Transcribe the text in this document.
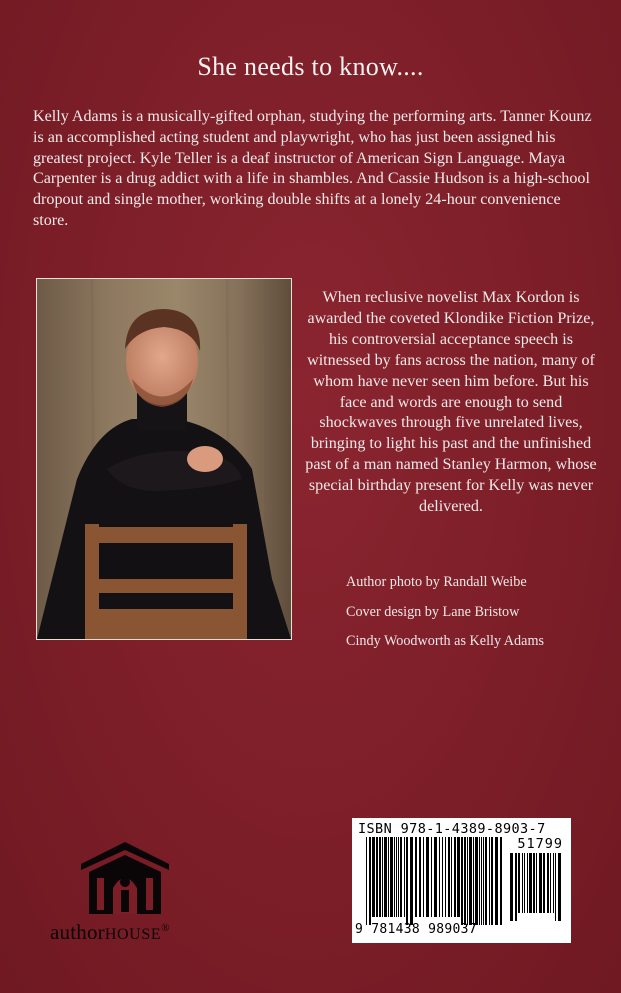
She needs to know....
Kelly Adams is a musically-gifted orphan, studying the performing arts. Tanner Kounz is an accomplished acting student and playwright, who has just been assigned his greatest project. Kyle Teller is a deaf instructor of American Sign Language. Maya Carpenter is a drug addict with a life in shambles. And Cassie Hudson is a high-school dropout and single mother, working double shifts at a lonely 24-hour convenience store.
When reclusive novelist Max Kordon is awarded the coveted Klondike Fiction Prize, his controversial acceptance speech is witnessed by fans across the nation, many of whom have never seen him before. But his face and words are enough to send shockwaves through five unrelated lives, bringing to light his past and the unfinished past of a man named Stanley Harmon, whose special birthday present for Kelly was never delivered.
Author photo by Randall Weibe
Cover design by Lane Bristow
Cindy Woodworth as Kelly Adams
authorHOUSE®
ISBN 978-1-4389-8903-7
51799
9 781438 989037
